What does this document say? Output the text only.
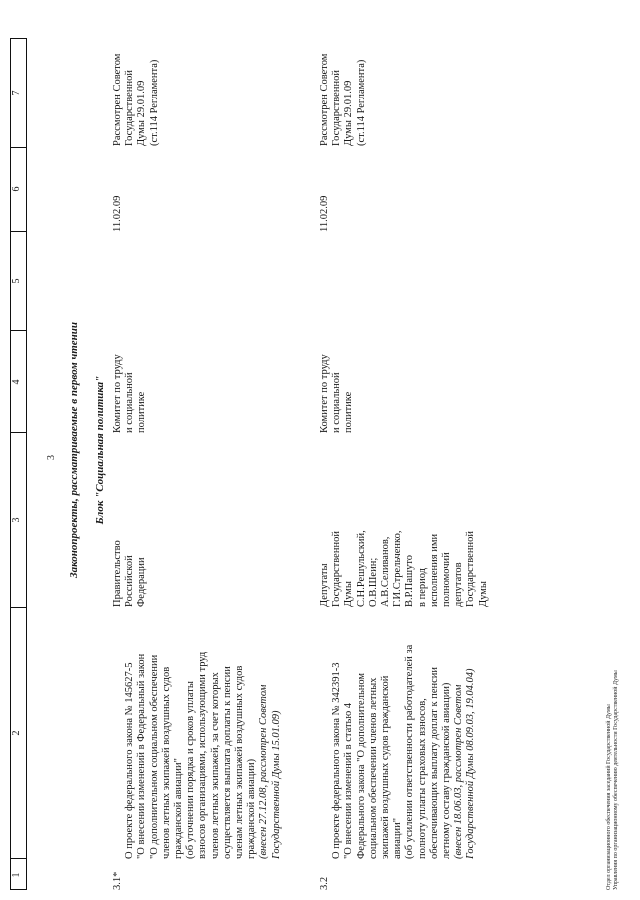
1
2
3
4
5
6
7
3 Законопроекты, рассматриваемые в первом чтении Блок "Социальная политика"
3.1*

О проекте федерального закона № 145627-5
"О внесении изменений в Федеральный закон
"О дополнительном социальном обеспечении
членов летных экипажей воздушных судов
гражданской авиации"
(об уточнении порядка и сроков уплаты
взносов организациями, использующими труд
членов летных экипажей, за счет которых
осуществляется выплата доплаты к пенсии
членам летных экипажей воздушных судов
гражданской авиации)

(внесен 27.12.08, рассмотрен Советом
Государственной Думы 15.01.09)

Правительство
Российской
Федерации
Комитет по труду
и социальной
политике
11.02.09
Рассмотрен Советом
Государственной
Думы 29.01.09
(ст.114 Регламента)
3.2

О проекте федерального закона № 342391-3
"О внесении изменений в статью 4
Федерального закона "О дополнительном
социальном обеспечении членов летных
экипажей воздушных судов гражданской
авиации"
(об усилении ответственности работодателей за
полноту уплаты страховых взносов,
обеспечивающих выплату доплат к пенсии
летному составу гражданской авиации)

(внесен 18.06.03, рассмотрен Советом
Государственной Думы 08.09.03, 19.04.04)

Депутаты
Государственной
Думы
С.Н.Решульский,
О.В.Шеин;
А.В.Селиванов,
Г.И.Стрельченко,
В.Р.Пашуто
в период
исполнения ими
полномочий
депутатов
Государственной
Думы
Комитет по труду
и социальной
политике
11.02.09
Рассмотрен Советом
Государственной
Думы 29.01.09
(ст.114 Регламента)
Отдел организационного обеспечения заседаний Государственной Думы
Управления по организационному обеспечению деятельности Государственной Думы
